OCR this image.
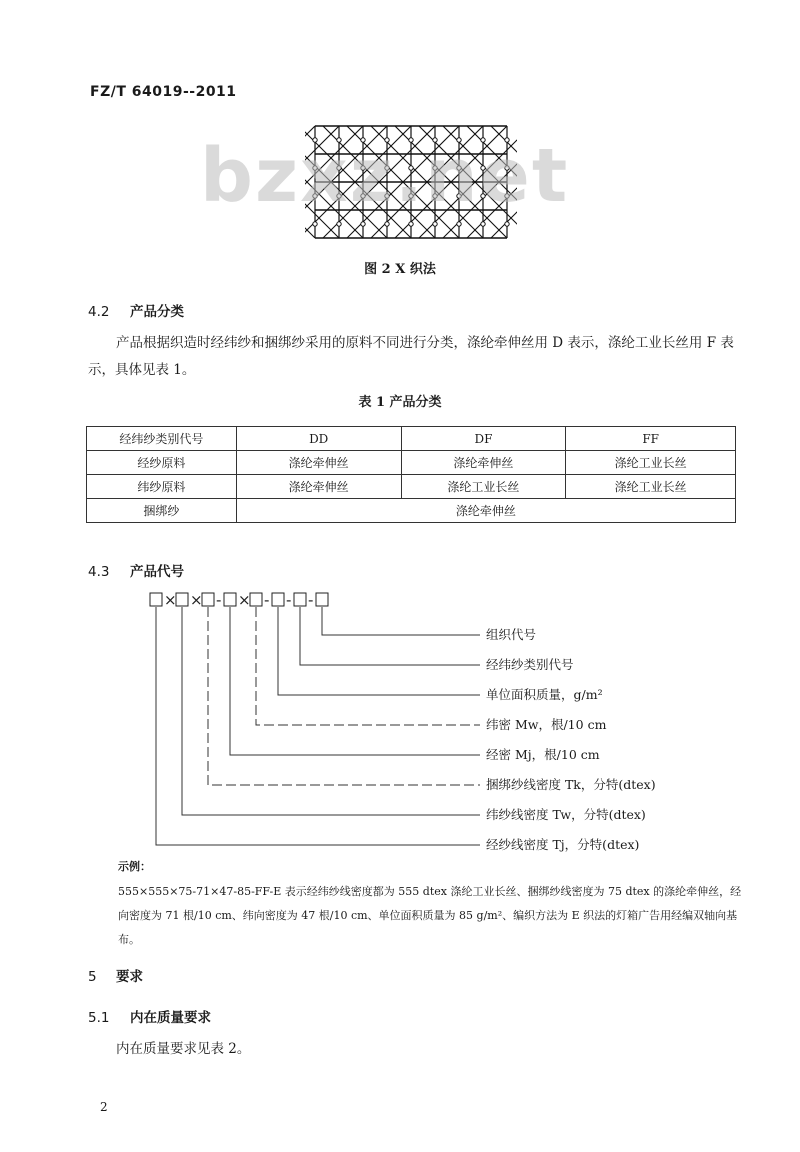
FZ/T 64019--2011
bzxz.net
图 2 X 织法
4.2 产品分类
产品根据织造时经纬纱和捆绑纱采用的原料不同进行分类，涤纶牵伸丝用 D 表示，涤纶工业长丝用 F 表示，具体见表 1。
表 1 产品分类
经纬纱类别代号	DD	DF	FF
经纱原料	涤纶牵伸丝	涤纶牵伸丝	涤纶工业长丝
纬纱原料	涤纶牵伸丝	涤纶工业长丝	涤纶工业长丝
捆绑纱	涤纶牵伸丝		
4.3 产品代号
× × - × - - -
组织代号
经纬纱类别代号
单位面积质量，g/m²
纬密 Mw，根/10 cm
经密 Mj，根/10 cm
捆绑纱线密度 Tk，分特(dtex)
纬纱线密度 Tw，分特(dtex)
经纱线密度 Tj，分特(dtex)
示例：
555×555×75-71×47-85-FF-E 表示经纬纱线密度都为 555 dtex 涤纶工业长丝、捆绑纱线密度为 75 dtex 的涤纶牵伸丝，经向密度为 71 根/10 cm、纬向密度为 47 根/10 cm、单位面积质量为 85 g/m²、编织方法为 E 织法的灯箱广告用经编双轴向基布。
5 要求
5.1 内在质量要求
内在质量要求见表 2。
2
